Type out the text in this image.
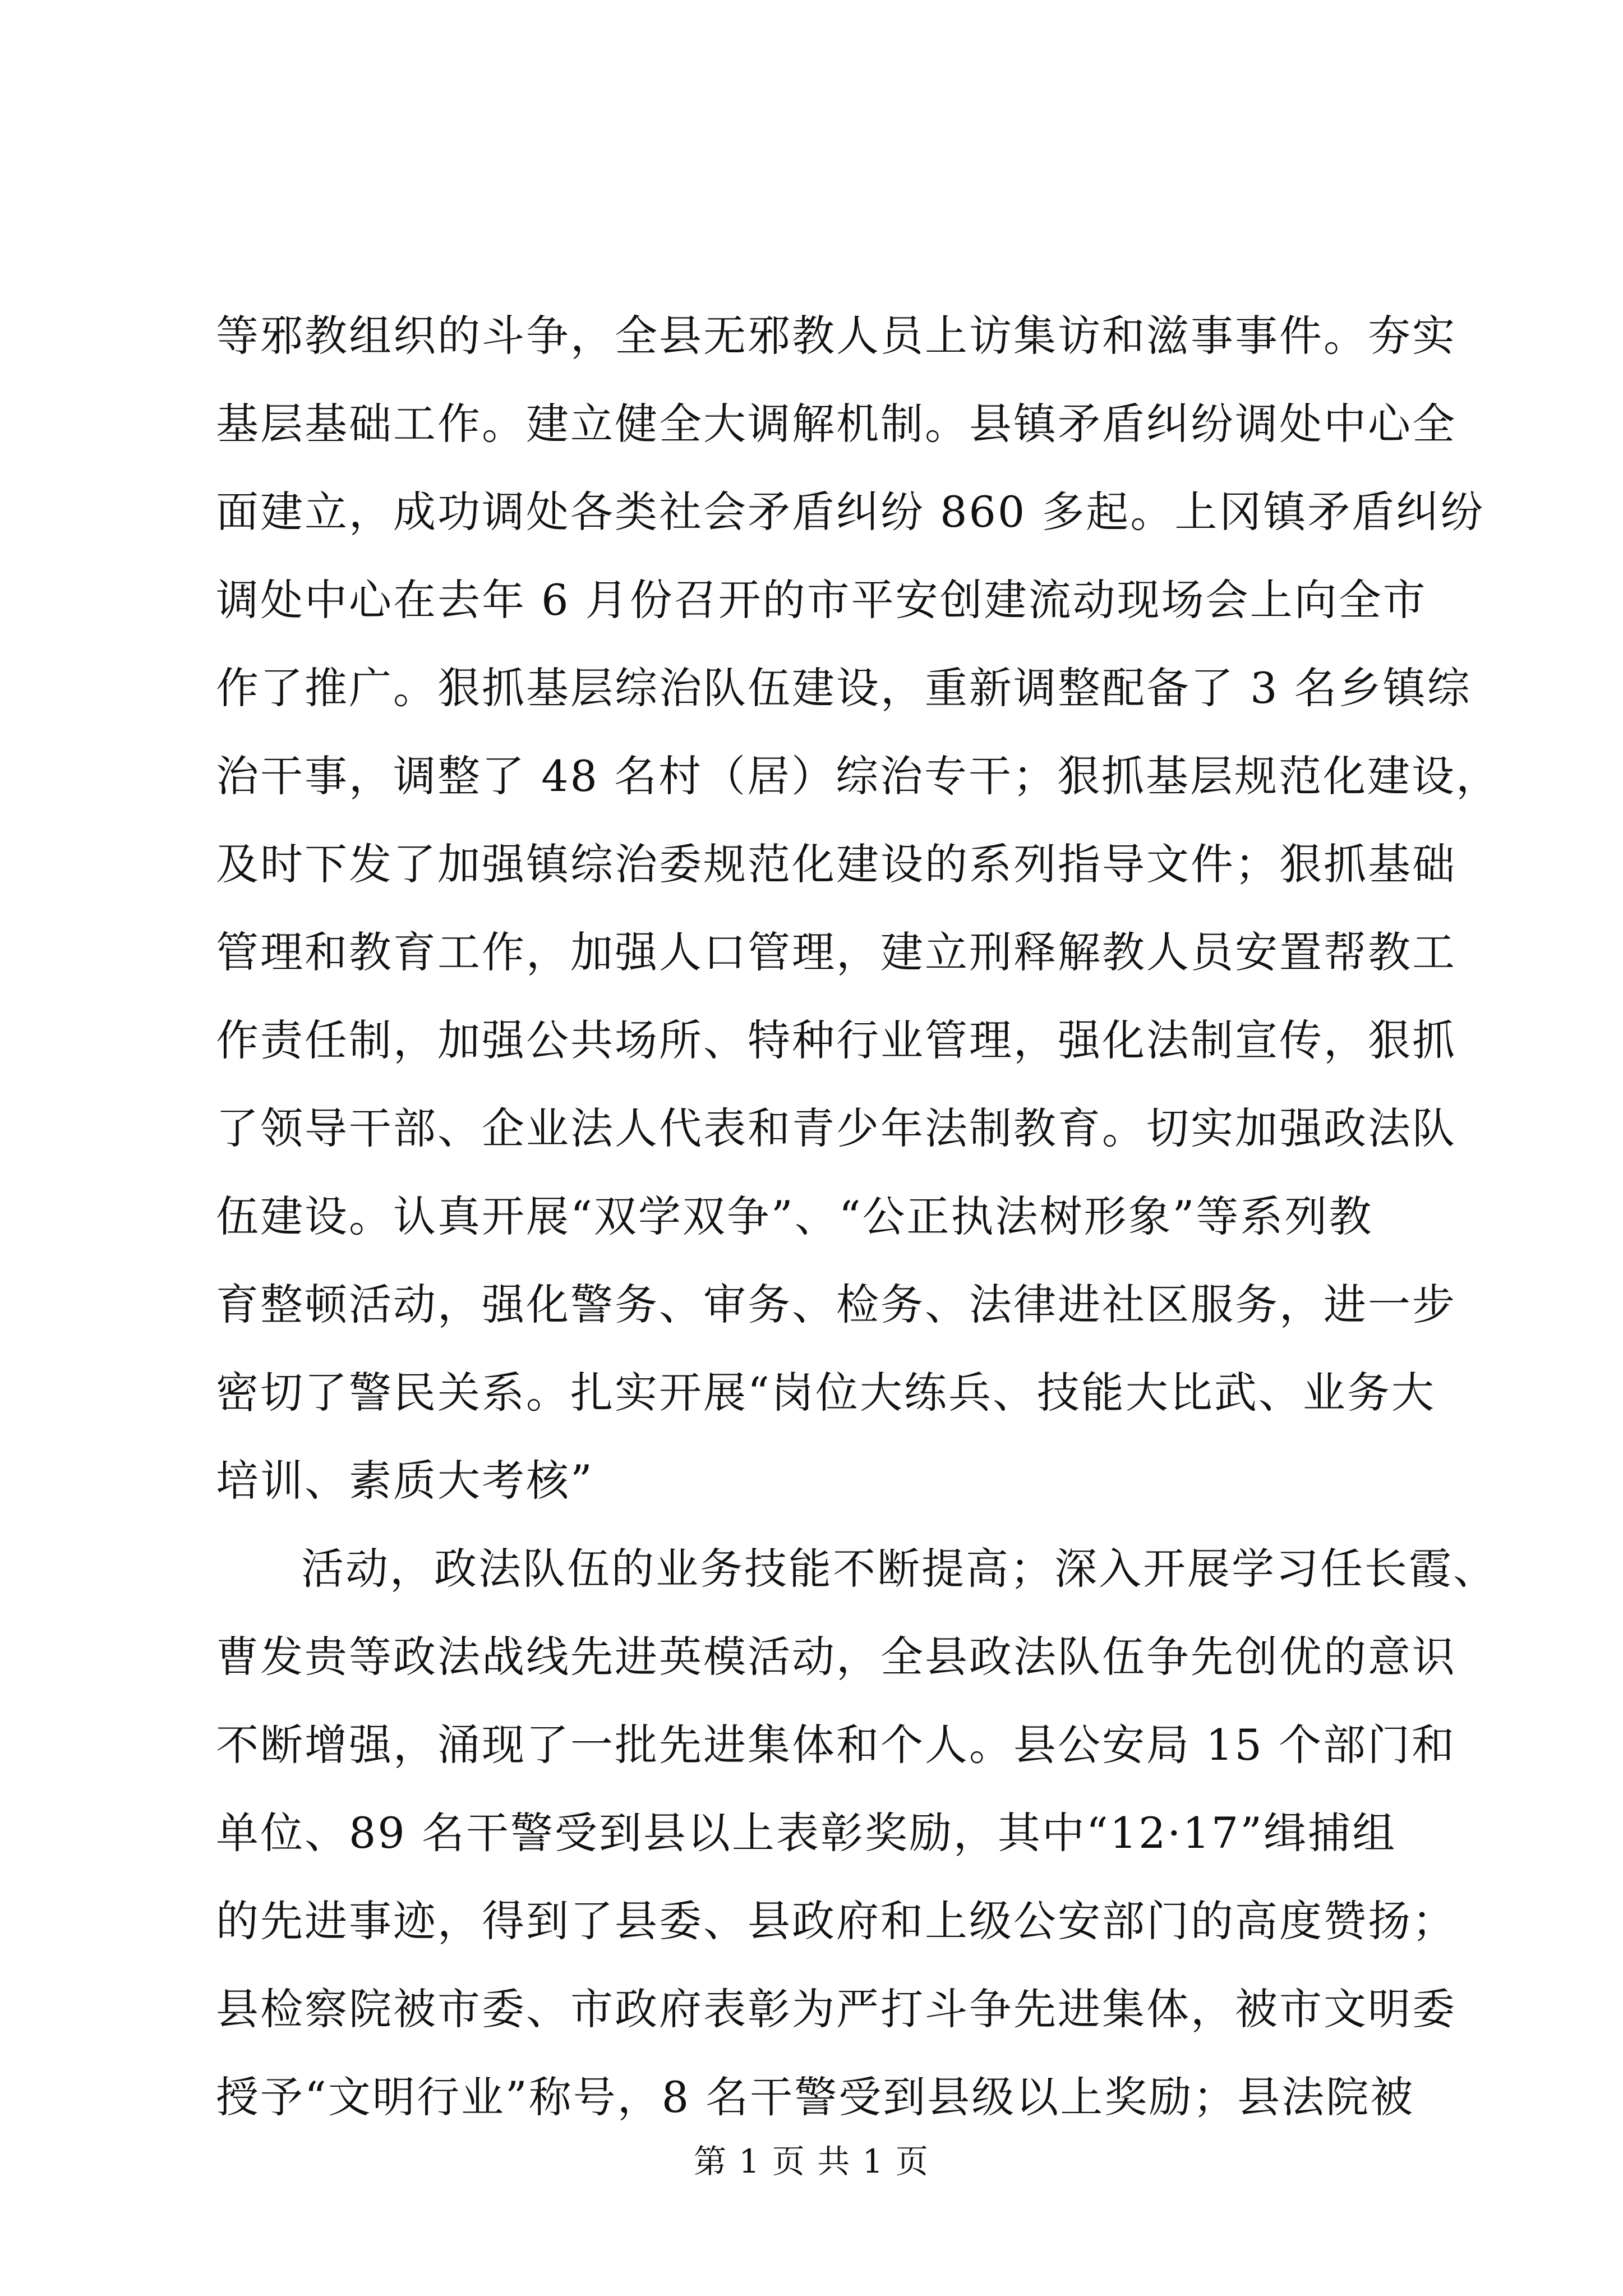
等邪教组织的斗争，全县无邪教人员上访集访和滋事事件。夯实
基层基础工作。建立健全大调解机制。县镇矛盾纠纷调处中心全
面建立，成功调处各类社会矛盾纠纷 860 多起。上冈镇矛盾纠纷
调处中心在去年 6 月份召开的市平安创建流动现场会上向全市
作了推广。狠抓基层综治队伍建设，重新调整配备了 3 名乡镇综
治干事，调整了 48 名村（居）综治专干；狠抓基层规范化建设，
及时下发了加强镇综治委规范化建设的系列指导文件；狠抓基础
管理和教育工作，加强人口管理，建立刑释解教人员安置帮教工
作责任制，加强公共场所、特种行业管理，强化法制宣传，狠抓
了领导干部、企业法人代表和青少年法制教育。切实加强政法队
伍建设。认真开展“双学双争”、“公正执法树形象”等系列教
育整顿活动，强化警务、审务、检务、法律进社区服务，进一步
密切了警民关系。扎实开展“岗位大练兵、技能大比武、业务大
培训、素质大考核”
活动，政法队伍的业务技能不断提高；深入开展学习任长霞、
曹发贵等政法战线先进英模活动，全县政法队伍争先创优的意识
不断增强，涌现了一批先进集体和个人。县公安局 15 个部门和
单位、89 名干警受到县以上表彰奖励，其中“12·17”缉捕组
的先进事迹，得到了县委、县政府和上级公安部门的高度赞扬；
县检察院被市委、市政府表彰为严打斗争先进集体，被市文明委
授予“文明行业”称号，8 名干警受到县级以上奖励；县法院被
第 1 页 共 1 页
